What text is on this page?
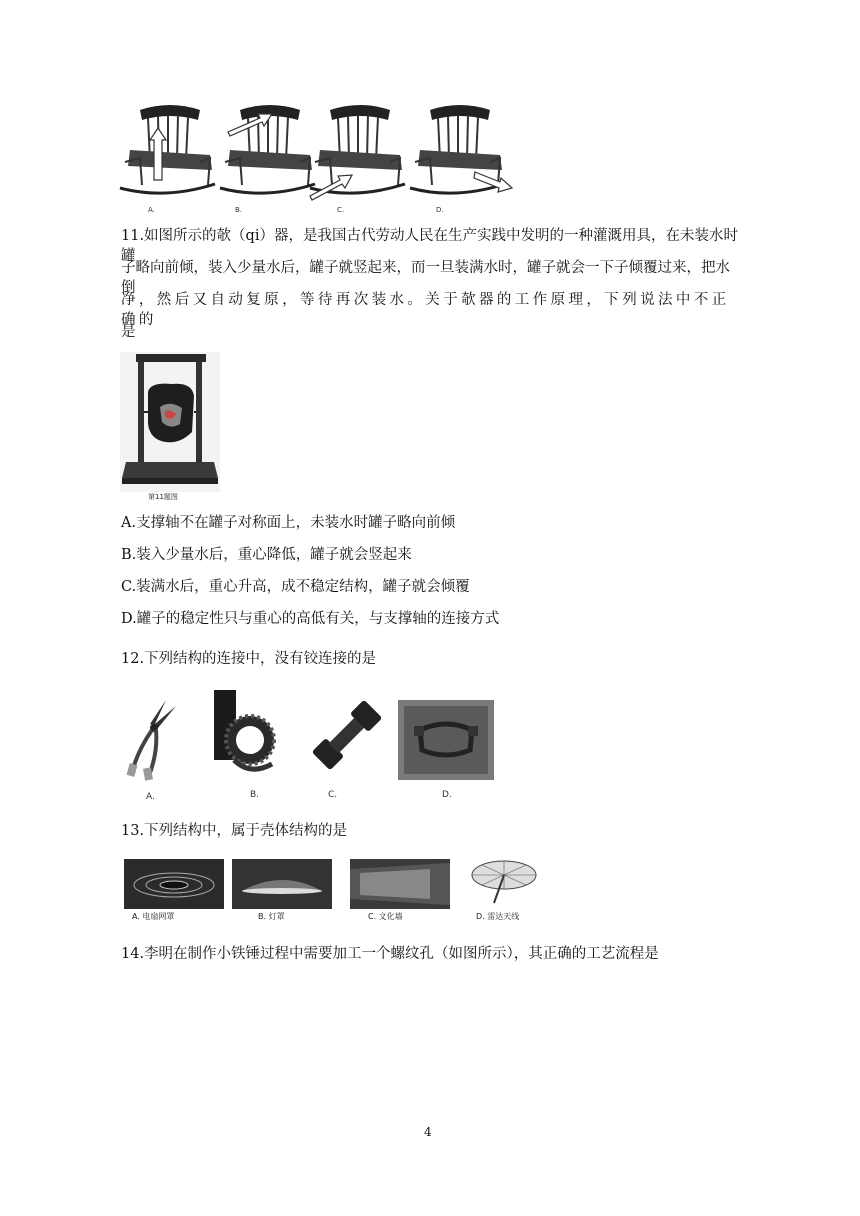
A.	B.	C.	D.
11.如图所示的欹（qi）器，是我国古代劳动人民在生产实践中发明的一种灌溉用具，在未装水时罐
子略向前倾，装入少量水后，罐子就竖起来，而一旦装满水时，罐子就会一下子倾覆过来，把水倒
净，然后又自动复原，等待再次装水。关于欹器的工作原理，下列说法中不正确的
是
第11题图
A.支撑轴不在罐子对称面上，未装水时罐子略向前倾
B.装入少量水后，重心降低，罐子就会竖起来
C.装满水后，重心升高，成不稳定结构，罐子就会倾覆
D.罐子的稳定性只与重心的高低有关，与支撑轴的连接方式
12.下列结构的连接中，没有铰连接的是
A.	B.	C.	D.
13.下列结构中，属于壳体结构的是
A. 电扇网罩	B. 灯罩	C. 文化墙	D. 雷达天线
14.李明在制作小铁锤过程中需要加工一个螺纹孔（如图所示），其正确的工艺流程是
4
